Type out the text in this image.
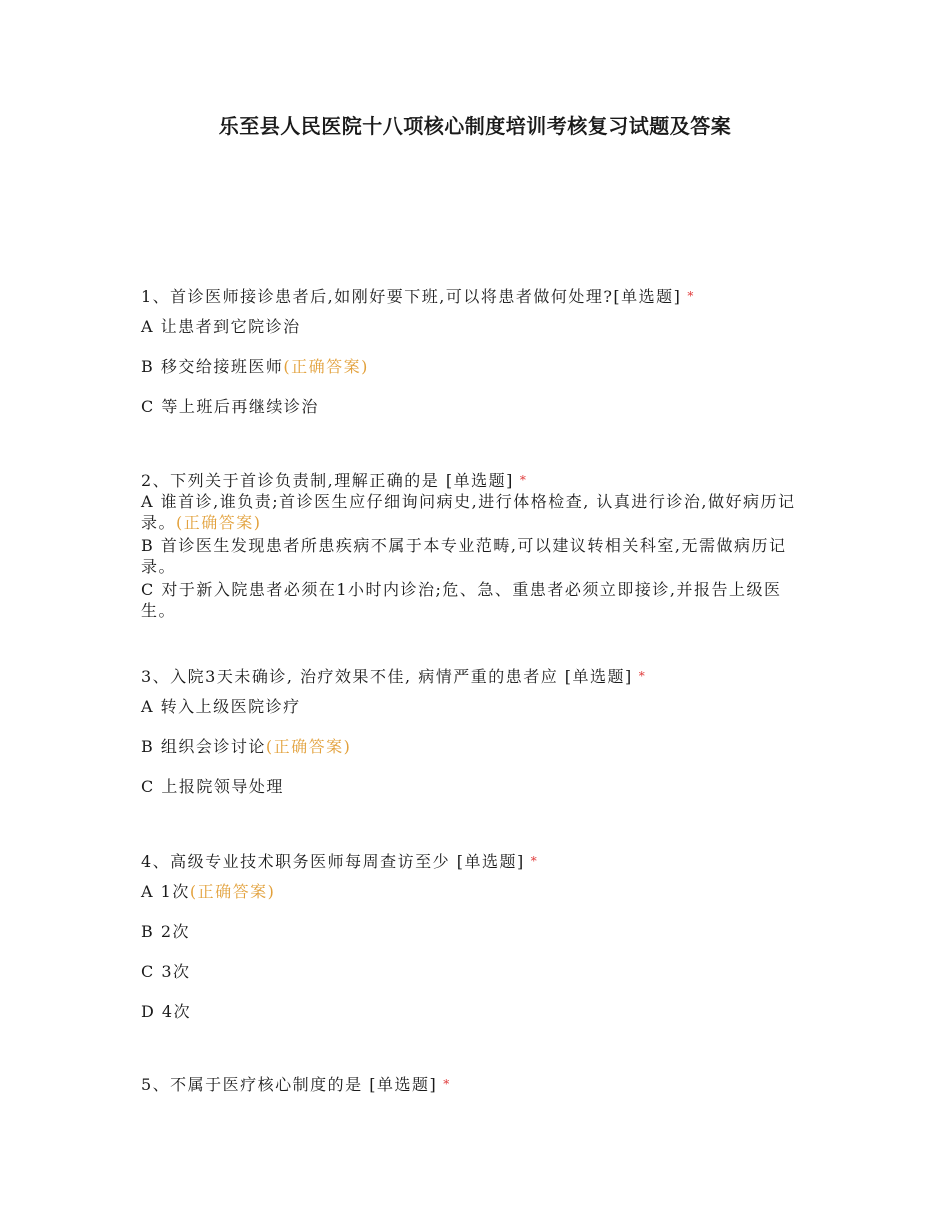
乐至县人民医院十八项核心制度培训考核复习试题及答案
1、首诊医师接诊患者后,如刚好要下班,可以将患者做何处理?[单选题] *
A 让患者到它院诊治
B 移交给接班医师(正确答案)
C 等上班后再继续诊治
2、下列关于首诊负责制,理解正确的是 [单选题] *
A 谁首诊,谁负责;首诊医生应仔细询问病史,进行体格检查, 认真进行诊治,做好病历记录。(正确答案)
B 首诊医生发现患者所患疾病不属于本专业范畴,可以建议转相关科室,无需做病历记录。
C 对于新入院患者必须在1小时内诊治;危、急、重患者必须立即接诊,并报告上级医生。
3、入院3天未确诊, 治疗效果不佳, 病情严重的患者应 [单选题] *
A 转入上级医院诊疗
B 组织会诊讨论(正确答案)
C 上报院领导处理
4、高级专业技术职务医师每周查访至少 [单选题] *
A 1次(正确答案)
B 2次
C 3次
D 4次
5、不属于医疗核心制度的是 [单选题] *
